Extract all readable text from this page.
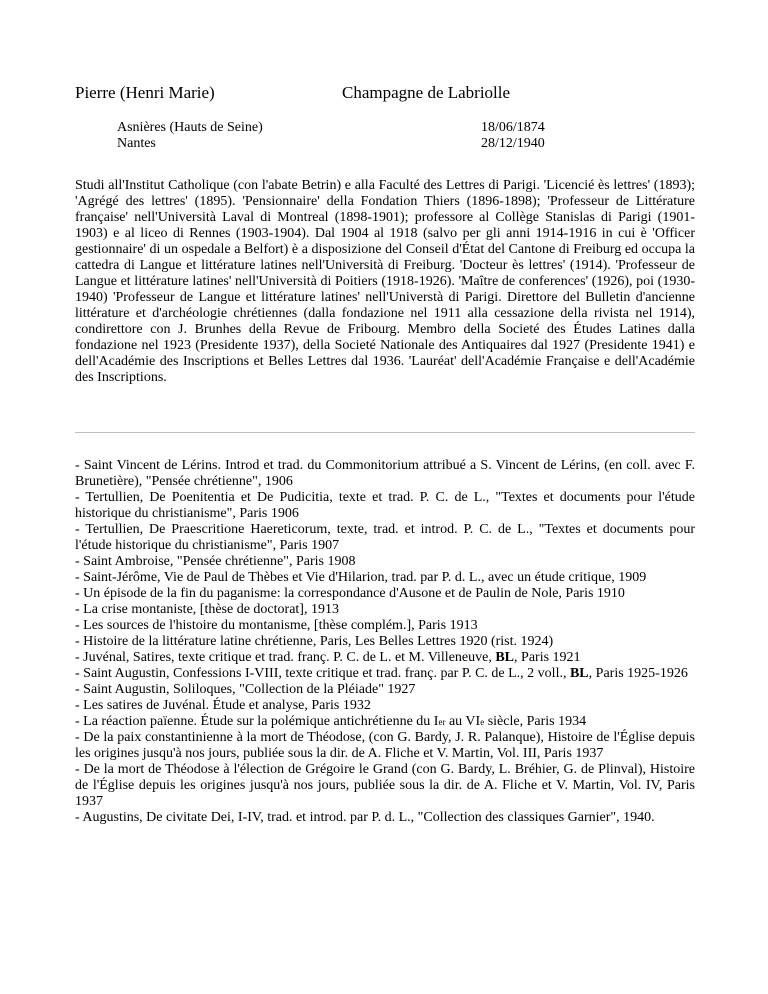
Pierre (Henri Marie)	Champagne de Labriolle
Asnières (Hauts de Seine)	18/06/1874
Nantes	28/12/1940

Studi all'Institut Catholique (con l'abate Betrin) e alla Faculté des Lettres di Parigi. 'Licencié ès lettres' (1893); 'Agrégé des lettres' (1895). 'Pensionnaire' della Fondation Thiers (1896-1898); 'Professeur de Littérature française' nell'Università Laval di Montreal (1898-1901); professore al Collège Stanislas di Parigi (1901-1903) e al liceo di Rennes (1903-1904). Dal 1904 al 1918 (salvo per gli anni 1914-1916 in cui è 'Officer gestionnaire' di un ospedale a Belfort) è a disposizione del Conseil d'État del Cantone di Freiburg ed occupa la cattedra di Langue et littérature latines nell'Università di Freiburg. 'Docteur ès lettres' (1914). 'Professeur de Langue et littérature latines' nell'Università di Poitiers (1918-1926). 'Maître de conferences' (1926), poi (1930-1940) 'Professeur de Langue et littérature latines' nell'Universtà di Parigi. Direttore del Bulletin d'ancienne littérature et d'archéologie chrétiennes (dalla fondazione nel 1911 alla cessazione della rivista nel 1914), condirettore con J. Brunhes della Revue de Fribourg. Membro della Societé des Études Latines dalla fondazione nel 1923 (Presidente 1937), della Societé Nationale des Antiquaires dal 1927 (Presidente 1941) e dell'Académie des Inscriptions et Belles Lettres dal 1936. 'Lauréat' dell'Académie Française e dell'Académie des Inscriptions.

- Saint Vincent de Lérins. Introd et trad. du Commonitorium attribué a S. Vincent de Lérins, (en coll. avec F. Brunetière), "Pensée chrétienne", 1906

- Tertullien, De Poenitentia et De Pudicitia, texte et trad. P. C. de L., "Textes et documents pour l'étude historique du christianisme", Paris 1906

- Tertullien, De Praescritione Haereticorum, texte, trad. et introd. P. C. de L., "Textes et documents pour l'étude historique du christianisme", Paris 1907

- Saint Ambroise, "Pensée chrétienne", Paris 1908

- Saint-Jérôme, Vie de Paul de Thèbes et Vie d'Hilarion, trad. par P. d. L., avec un étude critique, 1909

- Un épisode de la fin du paganisme: la correspondance d'Ausone et de Paulin de Nole, Paris 1910

- La crise montaniste, [thèse de doctorat], 1913

- Les sources de l'histoire du montanisme, [thèse complém.], Paris 1913

- Histoire de la littérature latine chrétienne, Paris, Les Belles Lettres 1920 (rist. 1924)

- Juvénal, Satires, texte critique et trad. franç. P. C. de L. et M. Villeneuve, BL, Paris 1921

- Saint Augustin, Confessions I-VIII, texte critique et trad. franç. par P. C. de L., 2 voll., BL, Paris 1925-1926

- Saint Augustin, Soliloques, "Collection de la Pléiade" 1927

- Les satires de Juvénal. Étude et analyse, Paris 1932

- La réaction païenne. Étude sur la polémique antichrétienne du Ier au VIe siècle, Paris 1934

- De la paix constantinienne à la mort de Théodose, (con G. Bardy, J. R. Palanque), Histoire de l'Église depuis les origines jusqu'à nos jours, publiée sous la dir. de A. Fliche et V. Martin, Vol. III, Paris 1937

- De la mort de Théodose à l'élection de Grégoire le Grand (con G. Bardy, L. Bréhier, G. de Plinval), Histoire de l'Église depuis les origines jusqu'à nos jours, publiée sous la dir. de A. Fliche et V. Martin, Vol. IV, Paris 1937

- Augustins, De civitate Dei, I-IV, trad. et introd. par P. d. L., "Collection des classiques Garnier", 1940.
